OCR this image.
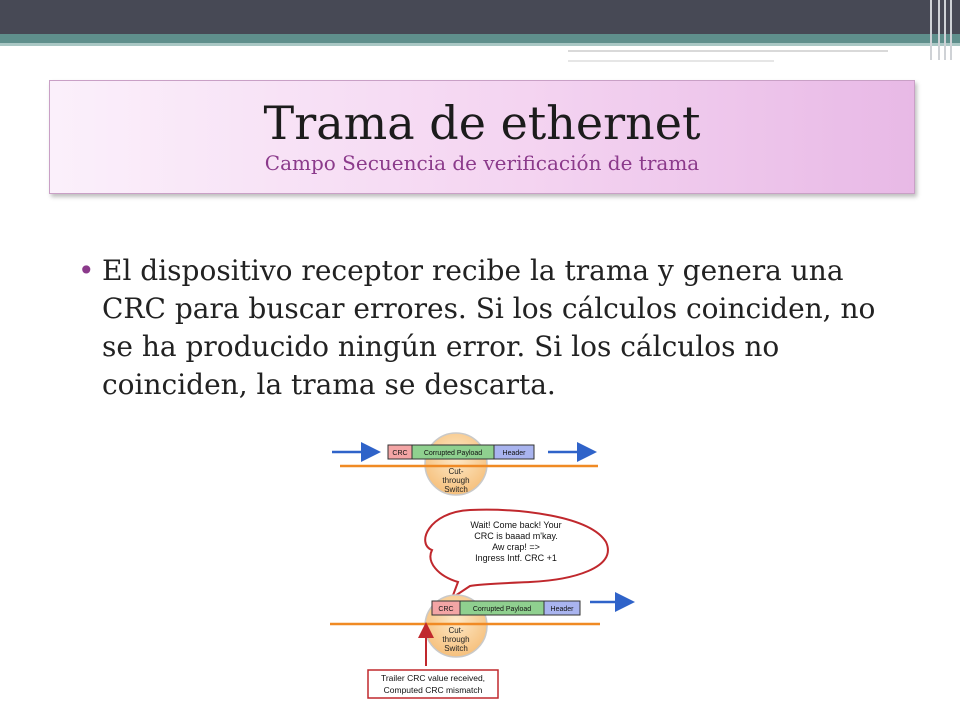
Trama de ethernet
Campo Secuencia de verificación de trama
• El dispositivo receptor recibe la trama y genera una CRC para buscar errores. Si los cálculos coinciden, no se ha producido ningún error. Si los cálculos no coinciden, la trama se descarta.
CRC Corrupted Payload	Header
Cut-
through
Switch
Wait! Come back! Your
CRC is baaad m'kay.
Aw crap! =>
Ingress Intf. CRC +1
CRC	Corrupted Payload	Header
Cut-
through
Switch
Trailer CRC value received,
Computed CRC mismatch
